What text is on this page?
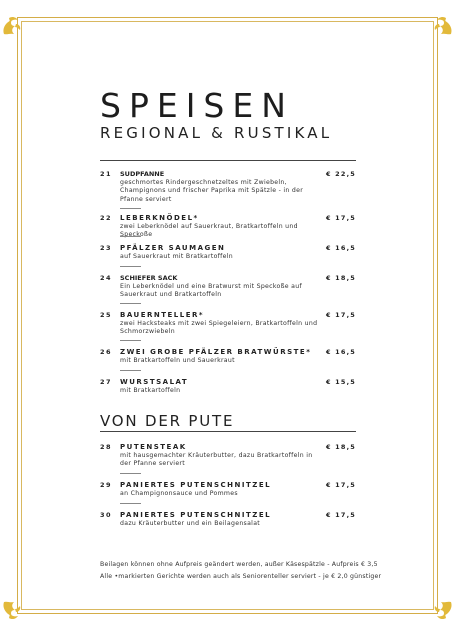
SPEISEN
REGIONAL & RUSTIKAL
21 SUDPFANNE	€ 22,5
geschmortes Rindergeschnetzeltes mit Zwiebeln, Champignons und frischer Paprika mit Spätzle - in der Pfanne serviert
22 LEBERKNÖDEL*	€ 17,5
zwei Leberknödel auf Sauerkraut, Bratkartoffeln und Speckoße
23 PFÄLZER SAUMAGEN	€ 16,5
auf Sauerkraut mit Bratkartoffeln
24 SCHIEFER SACK	€ 18,5
Ein Leberknödel und eine Bratwurst mit Speckoße auf Sauerkraut und Bratkartoffeln
25 BAUERNTELLER*	€ 17,5
zwei Hacksteaks mit zwei Spiegeleiern, Bratkartoffeln und Schmorzwiebeln
26 ZWEI GROBE PFÄLZER BRATWÜRSTE* € 16,5
mit Bratkartoffeln und Sauerkraut
27 WURSTSALAT	€ 15,5
mit Bratkartoffeln
VON DER PUTE
28 PUTENSTEAK	€ 18,5
mit hausgemachter Kräuterbutter, dazu Bratkartoffeln in der Pfanne serviert
29 PANIERTES PUTENSCHNITZEL	€ 17,5
an Champignonsauce und Pommes
30 PANIERTES PUTENSCHNITZEL	€ 17,5
dazu Kräuterbutter und ein Beilagensalat
Beilagen können ohne Aufpreis geändert werden, außer Käsespätzle - Aufpreis € 3,5
Alle •markierten Gerichte werden auch als Seniorenteller serviert - je € 2,0 günstiger
